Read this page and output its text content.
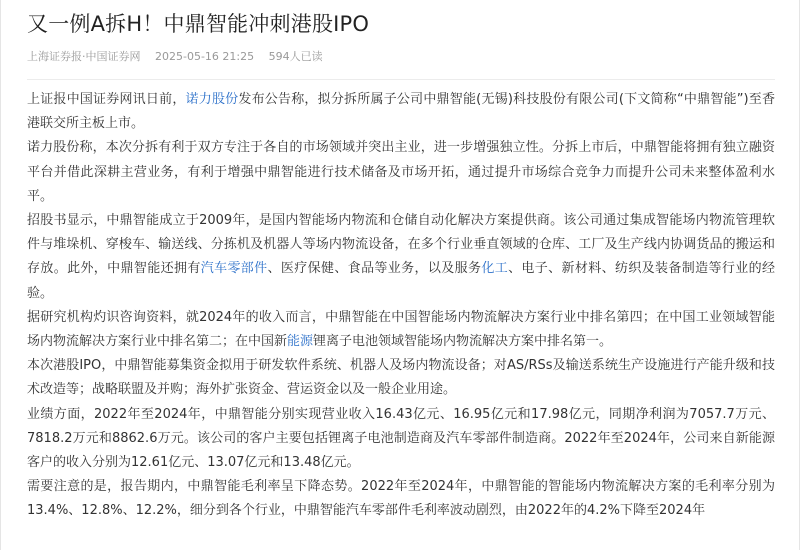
又一例A拆H！中鼎智能冲刺港股IPO
上海证券报·中国证券网 2025-05-16 21:25 594人已读

上证报中国证券网讯日前，诺力股份发布公告称，拟分拆所属子公司中鼎智能(无锡)科技股份有限公司(下文简称“中鼎智能”)至香港联交所主板上市。

诺力股份称，本次分拆有利于双方专注于各自的市场领域并突出主业，进一步增强独立性。分拆上市后，中鼎智能将拥有独立融资平台并借此深耕主营业务，有利于增强中鼎智能进行技术储备及市场开拓，通过提升市场综合竞争力而提升公司未来整体盈利水平。

招股书显示，中鼎智能成立于2009年，是国内智能场内物流和仓储自动化解决方案提供商。该公司通过集成智能场内物流管理软件与堆垛机、穿梭车、输送线、分拣机及机器人等场内物流设备，在多个行业垂直领域的仓库、工厂及生产线内协调货品的搬运和存放。此外，中鼎智能还拥有汽车零部件、医疗保健、食品等业务，以及服务化工、电子、新材料、纺织及装备制造等行业的经验。

据研究机构灼识咨询资料，就2024年的收入而言，中鼎智能在中国智能场内物流解决方案行业中排名第四；在中国工业领域智能场内物流解决方案行业中排名第二；在中国新能源锂离子电池领域智能场内物流解决方案中排名第一。

本次港股IPO，中鼎智能募集资金拟用于研发软件系统、机器人及场内物流设备；对AS/RSs及输送系统生产设施进行产能升级和技术改造等；战略联盟及并购；海外扩张资金、营运资金以及一般企业用途。

业绩方面，2022年至2024年，中鼎智能分别实现营业收入16.43亿元、16.95亿元和17.98亿元，同期净利润为7057.7万元、7818.2万元和8862.6万元。该公司的客户主要包括锂离子电池制造商及汽车零部件制造商。2022年至2024年，公司来自新能源客户的收入分别为12.61亿元、13.07亿元和13.48亿元。

需要注意的是，报告期内，中鼎智能毛利率呈下降态势。2022年至2024年，中鼎智能的智能场内物流解决方案的毛利率分别为13.4%、12.8%、12.2%，细分到各个行业，中鼎智能汽车零部件毛利率波动剧烈，由2022年的4.2%下降至2024年
